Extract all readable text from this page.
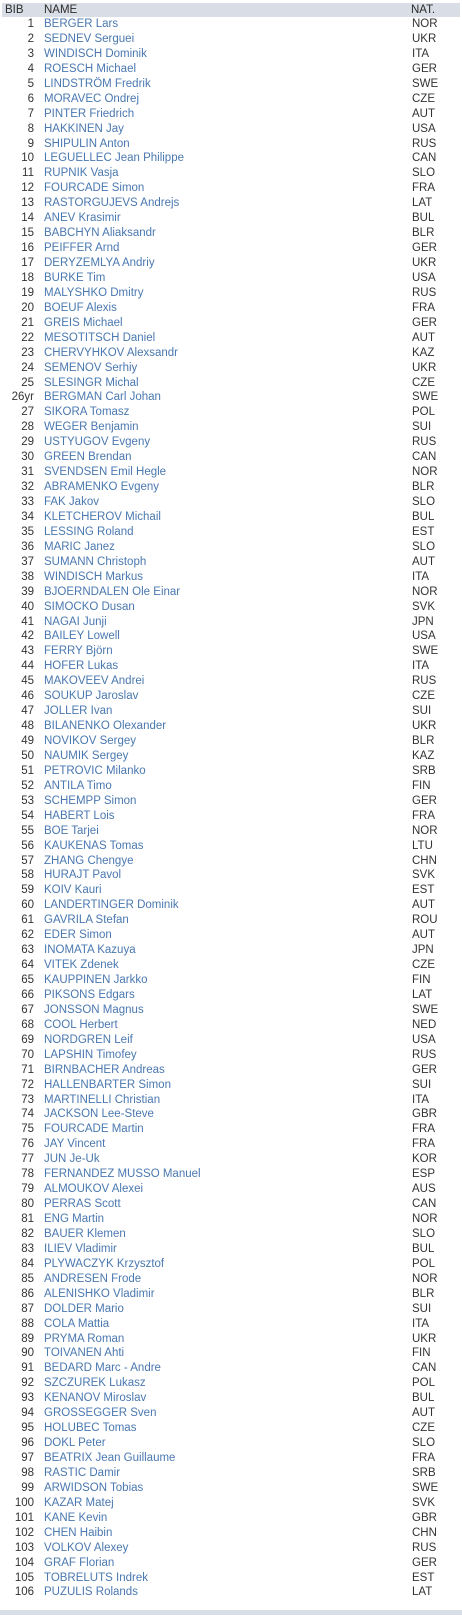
BIB	NAME	NAT.
1	BERGER Lars	NOR
2	SEDNEV Serguei	UKR
3	WINDISCH Dominik	ITA
4	ROESCH Michael	GER
5	LINDSTRÖM Fredrik	SWE
6	MORAVEC Ondrej	CZE
7	PINTER Friedrich	AUT
8	HAKKINEN Jay	USA
9	SHIPULIN Anton	RUS
10	LEGUELLEC Jean Philippe	CAN
11	RUPNIK Vasja	SLO
12	FOURCADE Simon	FRA
13	RASTORGUJEVS Andrejs	LAT
14	ANEV Krasimir	BUL
15	BABCHYN Aliaksandr	BLR
16	PEIFFER Arnd	GER
17	DERYZEMLYA Andriy	UKR
18	BURKE Tim	USA
19	MALYSHKO Dmitry	RUS
20	BOEUF Alexis	FRA
21	GREIS Michael	GER
22	MESOTITSCH Daniel	AUT
23	CHERVYHKOV Alexsandr	KAZ
24	SEMENOV Serhiy	UKR
25	SLESINGR Michal	CZE
26yr	BERGMAN Carl Johan	SWE
27	SIKORA Tomasz	POL
28	WEGER Benjamin	SUI
29	USTYUGOV Evgeny	RUS
30	GREEN Brendan	CAN
31	SVENDSEN Emil Hegle	NOR
32	ABRAMENKO Evgeny	BLR
33	FAK Jakov	SLO
34	KLETCHEROV Michail	BUL
35	LESSING Roland	EST
36	MARIC Janez	SLO
37	SUMANN Christoph	AUT
38	WINDISCH Markus	ITA
39	BJOERNDALEN Ole Einar	NOR
40	SIMOCKO Dusan	SVK
41	NAGAI Junji	JPN
42	BAILEY Lowell	USA
43	FERRY Björn	SWE
44	HOFER Lukas	ITA
45	MAKOVEEV Andrei	RUS
46	SOUKUP Jaroslav	CZE
47	JOLLER Ivan	SUI
48	BILANENKO Olexander	UKR
49	NOVIKOV Sergey	BLR
50	NAUMIK Sergey	KAZ
51	PETROVIC Milanko	SRB
52	ANTILA Timo	FIN
53	SCHEMPP Simon	GER
54	HABERT Lois	FRA
55	BOE Tarjei	NOR
56	KAUKENAS Tomas	LTU
57	ZHANG Chengye	CHN
58	HURAJT Pavol	SVK
59	KOIV Kauri	EST
60	LANDERTINGER Dominik	AUT
61	GAVRILA Stefan	ROU
62	EDER Simon	AUT
63	INOMATA Kazuya	JPN
64	VITEK Zdenek	CZE
65	KAUPPINEN Jarkko	FIN
66	PIKSONS Edgars	LAT
67	JONSSON Magnus	SWE
68	COOL Herbert	NED
69	NORDGREN Leif	USA
70	LAPSHIN Timofey	RUS
71	BIRNBACHER Andreas	GER
72	HALLENBARTER Simon	SUI
73	MARTINELLI Christian	ITA
74	JACKSON Lee-Steve	GBR
75	FOURCADE Martin	FRA
76	JAY Vincent	FRA
77	JUN Je-Uk	KOR
78	FERNANDEZ MUSSO Manuel	ESP
79	ALMOUKOV Alexei	AUS
80	PERRAS Scott	CAN
81	ENG Martin	NOR
82	BAUER Klemen	SLO
83	ILIEV Vladimir	BUL
84	PLYWACZYK Krzysztof	POL
85	ANDRESEN Frode	NOR
86	ALENISHKO Vladimir	BLR
87	DOLDER Mario	SUI
88	COLA Mattia	ITA
89	PRYMA Roman	UKR
90	TOIVANEN Ahti	FIN
91	BEDARD Marc - Andre	CAN
92	SZCZUREK Lukasz	POL
93	KENANOV Miroslav	BUL
94	GROSSEGGER Sven	AUT
95	HOLUBEC Tomas	CZE
96	DOKL Peter	SLO
97	BEATRIX Jean Guillaume	FRA
98	RASTIC Damir	SRB
99	ARWIDSON Tobias	SWE
100	KAZAR Matej	SVK
101	KANE Kevin	GBR
102	CHEN Haibin	CHN
103	VOLKOV Alexey	RUS
104	GRAF Florian	GER
105	TOBRELUTS Indrek	EST
106	PUZULIS Rolands	LAT
